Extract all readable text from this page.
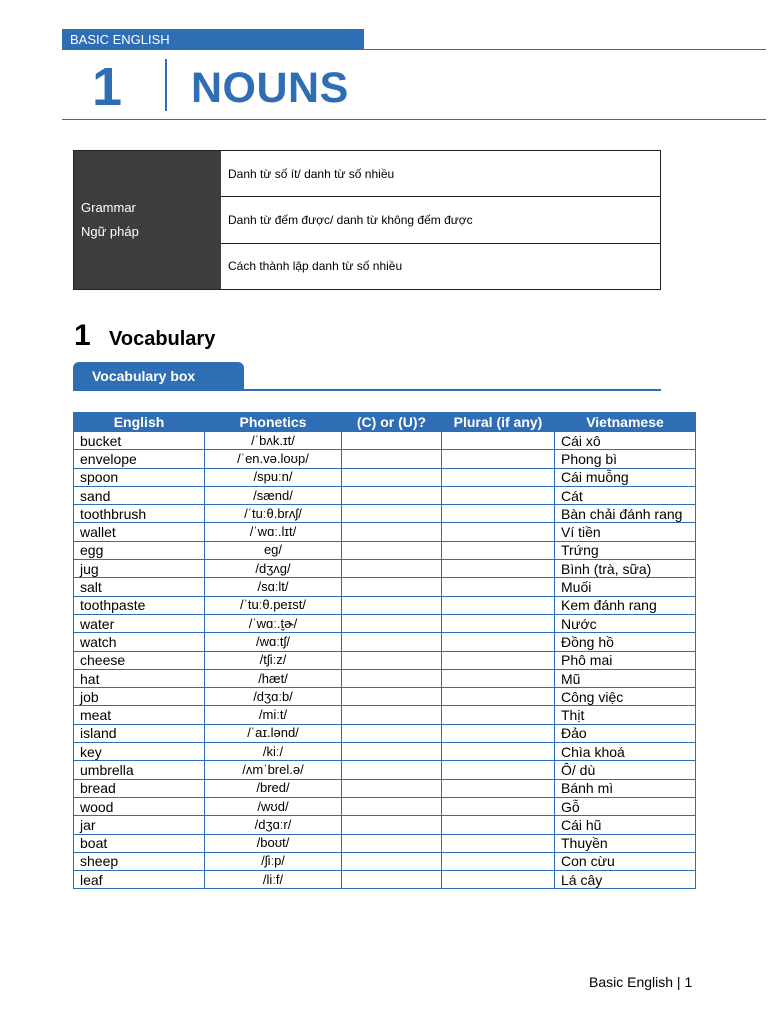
BASIC ENGLISH
1 NOUNS
Grammar
Ngữ pháp
Danh từ số ít/ danh từ số nhiều
Danh từ đếm được/ danh từ không đếm được
Cách thành lập danh từ số nhiều
1 Vocabulary
Vocabulary box
English	Phonetics	(C) or (U)?	Plural (if any)	Vietnamese
bucket	/ˈbʌk.ɪt/			Cái xô
envelope	/ˈen.və.loʊp/			Phong bì
spoon	/spuːn/			Cái muỗng
sand	/sænd/			Cát
toothbrush	/ˈtuːθ.brʌʃ/			Bàn chải đánh rang
wallet	/ˈwɑː.lɪt/			Ví tiền
egg	eg/			Trứng
jug	/dʒʌg/			Bình (trà, sữa)
salt	/sɑːlt/			Muối
toothpaste	/ˈtuːθ.peɪst/			Kem đánh rang
water	/ˈwɑː.t̬ɚ/			Nước
watch	/wɑːtʃ/			Đồng hồ
cheese	/tʃiːz/			Phô mai
hat	/hæt/			Mũ
job	/dʒɑːb/			Công việc
meat	/miːt/			Thịt
island	/ˈaɪ.lənd/			Đảo
key	/kiː/			Chìa khoá
umbrella	/ʌmˈbrel.ə/			Ô/ dù
bread	/bred/			Bánh mì
wood	/wʊd/			Gỗ
jar	/dʒɑːr/			Cái hũ
boat	/boʊt/			Thuyền
sheep	/ʃiːp/			Con cừu
leaf	/liːf/			Lá cây
Basic English | 1
